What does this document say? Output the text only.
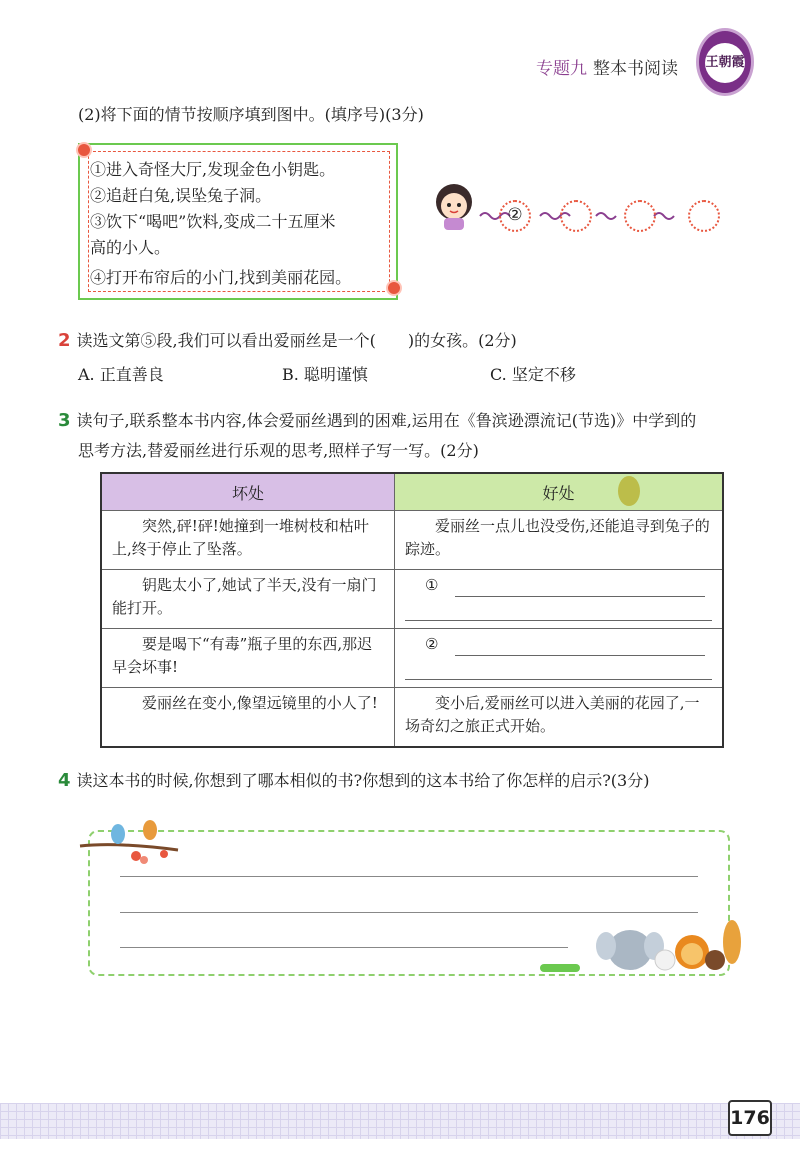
专题九 整本书阅读 王朝霞
(2)将下面的情节按顺序填到图中。(填序号)(3分)
①进入奇怪大厅,发现金色小钥匙。
②追赶白兔,误坠兔子洞。
③饮下“喝吧”饮料,变成二十五厘米
高的小人。
④打开布帘后的小门,找到美丽花园。
②
2 读选文第⑤段,我们可以看出爱丽丝是一个(　　)的女孩。(2分)
A. 正直善良	B. 聪明谨慎	C. 坚定不移
3 读句子,联系整本书内容,体会爱丽丝遇到的困难,运用在《鲁滨逊漂流记(节选)》中学到的
思考方法,替爱丽丝进行乐观的思考,照样子写一写。(2分)
坏处	好处
突然,砰!砰!她撞到一堆树枝和枯叶上,终于停止了坠落。	爱丽丝一点儿也没受伤,还能追寻到兔子的踪迹。
钥匙太小了,她试了半天,没有一扇门能打开。	①

要是喝下“有毒”瓶子里的东西,那迟早会坏事!	②

爱丽丝在变小,像望远镜里的小人了!	变小后,爱丽丝可以进入美丽的花园了,一场奇幻之旅正式开始。
4 读这本书的时候,你想到了哪本相似的书?你想到的这本书给了你怎样的启示?(3分)
176
